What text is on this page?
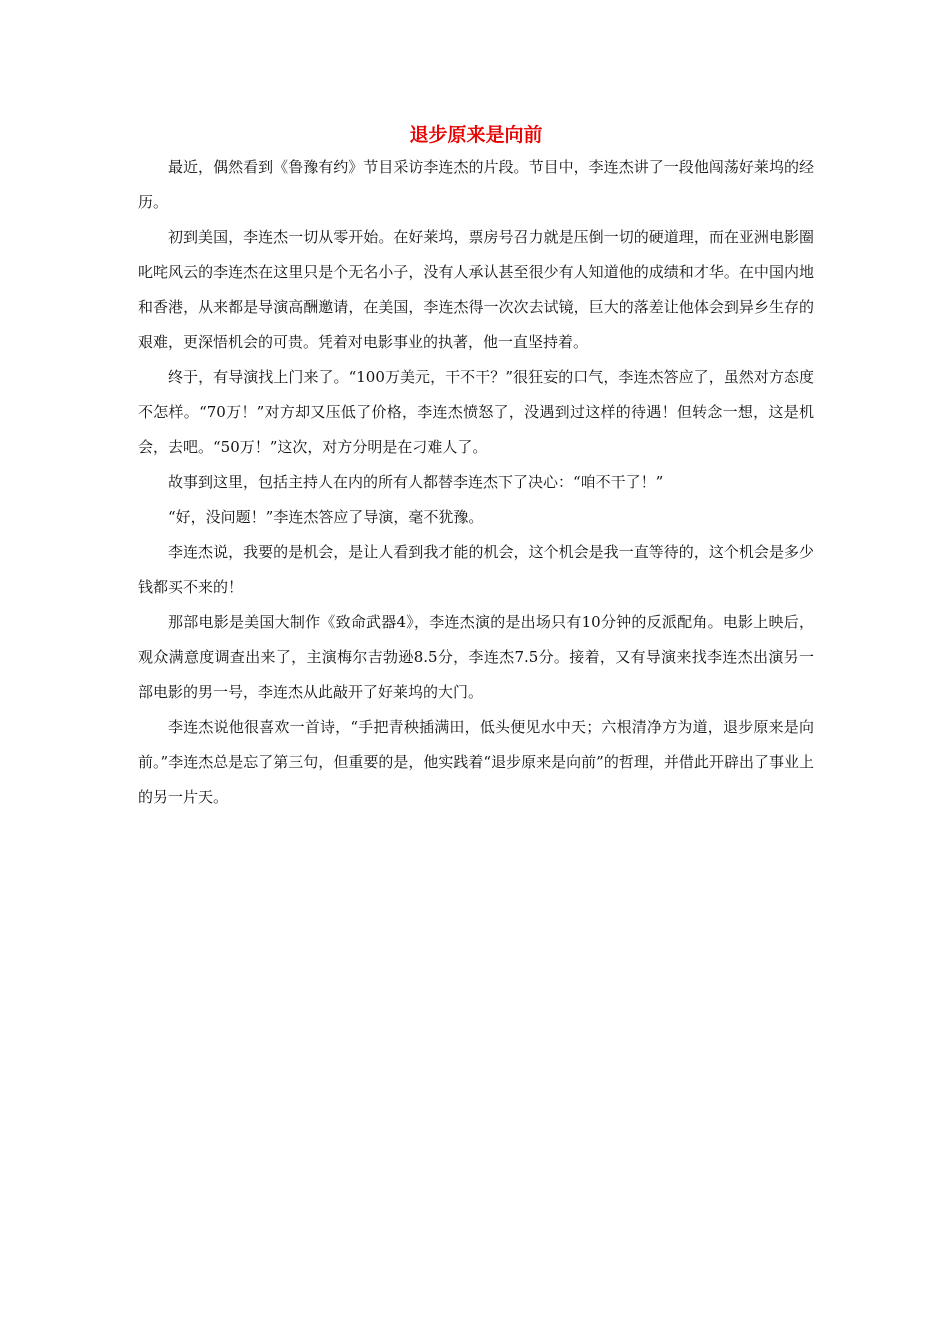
退步原来是向前

最近，偶然看到《鲁豫有约》节目采访李连杰的片段。节目中，李连杰讲了一段他闯荡好莱坞的经历。

初到美国，李连杰一切从零开始。在好莱坞，票房号召力就是压倒一切的硬道理，而在亚洲电影圈叱咤风云的李连杰在这里只是个无名小子，没有人承认甚至很少有人知道他的成绩和才华。在中国内地和香港，从来都是导演高酬邀请，在美国，李连杰得一次次去试镜，巨大的落差让他体会到异乡生存的艰难，更深悟机会的可贵。凭着对电影事业的执著，他一直坚持着。

终于，有导演找上门来了。“100万美元，干不干？”很狂妄的口气，李连杰答应了，虽然对方态度不怎样。“70万！”对方却又压低了价格，李连杰愤怒了，没遇到过这样的待遇！但转念一想，这是机会，去吧。“50万！”这次，对方分明是在刁难人了。

故事到这里，包括主持人在内的所有人都替李连杰下了决心：“咱不干了！”

“好，没问题！”李连杰答应了导演，毫不犹豫。

李连杰说，我要的是机会，是让人看到我才能的机会，这个机会是我一直等待的，这个机会是多少钱都买不来的！

那部电影是美国大制作《致命武器4》，李连杰演的是出场只有10分钟的反派配角。电影上映后，观众满意度调查出来了，主演梅尔吉勃逊8.5分，李连杰7.5分。接着，又有导演来找李连杰出演另一部电影的男一号，李连杰从此敲开了好莱坞的大门。

李连杰说他很喜欢一首诗，“手把青秧插满田，低头便见水中天；六根清净方为道，退步原来是向前。”李连杰总是忘了第三句，但重要的是，他实践着“退步原来是向前”的哲理，并借此开辟出了事业上的另一片天。
